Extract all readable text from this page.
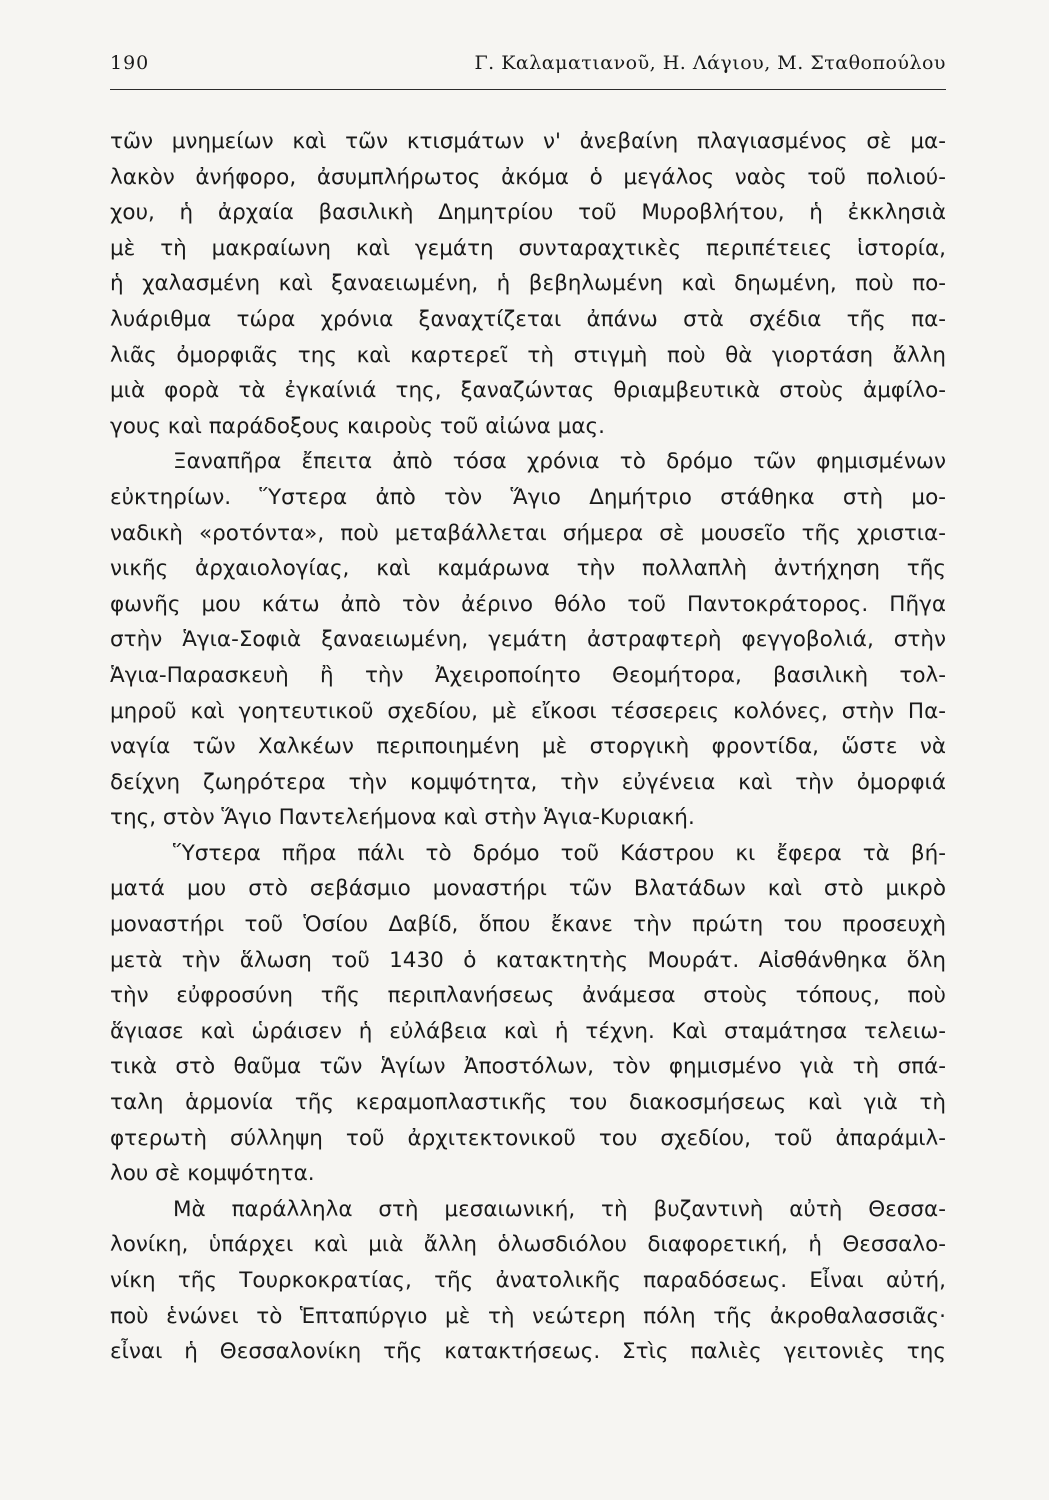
190	Γ. Καλαματιανοῦ, Η. Λάγιου, Μ. Σταθοπούλου
τῶν μνημείων καὶ τῶν κτισμάτων ν' ἀνεβαίνη πλαγιασμένος σὲ μα-
λακὸν ἀνήφορο, ἀσυμπλήρωτος ἀκόμα ὁ μεγάλος ναὸς τοῦ πολιού-
χου, ἡ ἀρχαία βασιλικὴ Δημητρίου τοῦ Μυροβλήτου, ἡ ἐκκλησιὰ
μὲ τὴ μακραίωνη καὶ γεμάτη συνταραχτικὲς περιπέτειες ἱστορία,
ἡ χαλασμένη καὶ ξαναειωμένη, ἡ βεβηλωμένη καὶ δηωμένη, ποὺ πο-
λυάριθμα τώρα χρόνια ξαναχτίζεται ἀπάνω στὰ σχέδια τῆς πα-
λιᾶς ὀμορφιᾶς της καὶ καρτερεῖ τὴ στιγμὴ ποὺ θὰ γιορτάση ἄλλη
μιὰ φορὰ τὰ ἐγκαίνιά της, ξαναζώντας θριαμβευτικὰ στοὺς ἀμφίλο-
γους καὶ παράδοξους καιροὺς τοῦ αἰώνα μας.
Ξαναπῆρα ἔπειτα ἀπὸ τόσα χρόνια τὸ δρόμο τῶν φημισμένων
εὐκτηρίων. Ὕστερα ἀπὸ τὸν Ἅγιο Δημήτριο στάθηκα στὴ μο-
ναδικὴ «ροτόντα», ποὺ μεταβάλλεται σήμερα σὲ μουσεῖο τῆς χριστια-
νικῆς ἀρχαιολογίας, καὶ καμάρωνα τὴν πολλαπλὴ ἀντήχηση τῆς
φωνῆς μου κάτω ἀπὸ τὸν ἀέρινο θόλο τοῦ Παντοκράτορος. Πῆγα
στὴν Ἁγια-Σοφιὰ ξαναειωμένη, γεμάτη ἀστραφτερὴ φεγγοβολιά, στὴν
Ἁγια-Παρασκευὴ ἢ τὴν Ἀχειροποίητο Θεομήτορα, βασιλικὴ τολ-
μηροῦ καὶ γοητευτικοῦ σχεδίου, μὲ εἴκοσι τέσσερεις κολόνες, στὴν Πα-
ναγία τῶν Χαλκέων περιποιημένη μὲ στοργικὴ φροντίδα, ὥστε νὰ
δείχνη ζωηρότερα τὴν κομψότητα, τὴν εὐγένεια καὶ τὴν ὀμορφιά
της, στὸν Ἅγιο Παντελεήμονα καὶ στὴν Ἁγια-Κυριακή.
Ὕστερα πῆρα πάλι τὸ δρόμο τοῦ Κάστρου κι ἔφερα τὰ βή-
ματά μου στὸ σεβάσμιο μοναστήρι τῶν Βλατάδων καὶ στὸ μικρὸ
μοναστήρι τοῦ Ὁσίου Δαβίδ, ὅπου ἔκανε τὴν πρώτη του προσευχὴ
μετὰ τὴν ἅλωση τοῦ 1430 ὁ κατακτητὴς Μουράτ. Αἰσθάνθηκα ὅλη
τὴν εὐφροσύνη τῆς περιπλανήσεως ἀνάμεσα στοὺς τόπους, ποὺ
ἅγιασε καὶ ὡράισεν ἡ εὐλάβεια καὶ ἡ τέχνη. Καὶ σταμάτησα τελειω-
τικὰ στὸ θαῦμα τῶν Ἁγίων Ἀποστόλων, τὸν φημισμένο γιὰ τὴ σπά-
ταλη ἁρμονία τῆς κεραμοπλαστικῆς του διακοσμήσεως καὶ γιὰ τὴ
φτερωτὴ σύλληψη τοῦ ἀρχιτεκτονικοῦ του σχεδίου, τοῦ ἀπαράμιλ-
λου σὲ κομψότητα.
Μὰ παράλληλα στὴ μεσαιωνική, τὴ βυζαντινὴ αὐτὴ Θεσσα-
λονίκη, ὑπάρχει καὶ μιὰ ἄλλη ὁλωσδιόλου διαφορετική, ἡ Θεσσαλο-
νίκη τῆς Τουρκοκρατίας, τῆς ἀνατολικῆς παραδόσεως. Εἶναι αὐτή,
ποὺ ἑνώνει τὸ Ἑπταπύργιο μὲ τὴ νεώτερη πόλη τῆς ἀκροθαλασσιᾶς·
εἶναι ἡ Θεσσαλονίκη τῆς κατακτήσεως. Στὶς παλιὲς γειτονιὲς της
